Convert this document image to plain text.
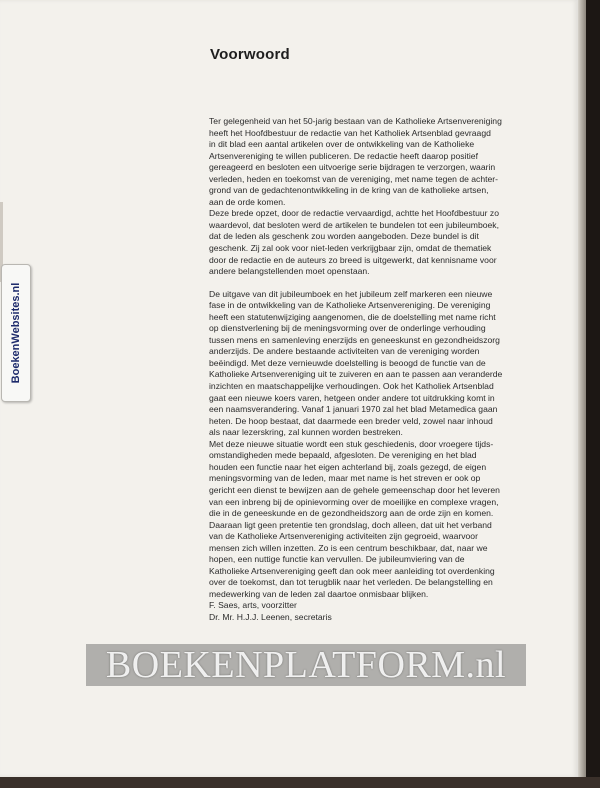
Voorwoord

Ter gelegenheid van het 50-jarig bestaan van de Katholieke Artsenvereniging
heeft het Hoofdbestuur de redactie van het Katholiek Artsenblad gevraagd
in dit blad een aantal artikelen over de ontwikkeling van de Katholieke
Artsenvereniging te willen publiceren. De redactie heeft daarop positief
gereageerd en besloten een uitvoerige serie bijdragen te verzorgen, waarin
verleden, heden en toekomst van de vereniging, met name tegen de achter-
grond van de gedachtenontwikkeling in de kring van de katholieke artsen,
aan de orde komen.
Deze brede opzet, door de redactie vervaardigd, achtte het Hoofdbestuur zo
waardevol, dat besloten werd de artikelen te bundelen tot een jubileumboek,
dat de leden als geschenk zou worden aangeboden. Deze bundel is dit
geschenk. Zij zal ook voor niet-leden verkrijgbaar zijn, omdat de thematiek
door de redactie en de auteurs zo breed is uitgewerkt, dat kennisname voor
andere belangstellenden moet openstaan.

De uitgave van dit jubileumboek en het jubileum zelf markeren een nieuwe
fase in de ontwikkeling van de Katholieke Artsenvereniging. De vereniging
heeft een statutenwijziging aangenomen, die de doelstelling met name richt
op dienstverlening bij de meningsvorming over de onderlinge verhouding
tussen mens en samenleving enerzijds en geneeskunst en gezondheidszorg
anderzijds. De andere bestaande activiteiten van de vereniging worden
beëindigd. Met deze vernieuwde doelstelling is beoogd de functie van de
Katholieke Artsenvereniging uit te zuiveren en aan te passen aan veranderde
inzichten en maatschappelijke verhoudingen. Ook het Katholiek Artsenblad
gaat een nieuwe koers varen, hetgeen onder andere tot uitdrukking komt in
een naamsverandering. Vanaf 1 januari 1970 zal het blad Metamedica gaan
heten. De hoop bestaat, dat daarmede een breder veld, zowel naar inhoud
als naar lezerskring, zal kunnen worden bestreken.
Met deze nieuwe situatie wordt een stuk geschiedenis, door vroegere tijds-
omstandigheden mede bepaald, afgesloten. De vereniging en het blad
houden een functie naar het eigen achterland bij, zoals gezegd, de eigen
meningsvorming van de leden, maar met name is het streven er ook op
gericht een dienst te bewijzen aan de gehele gemeenschap door het leveren
van een inbreng bij de opinievorming over de moeilijke en complexe vragen,
die in de geneeskunde en de gezondheidszorg aan de orde zijn en komen.
Daaraan ligt geen pretentie ten grondslag, doch alleen, dat uit het verband
van de Katholieke Artsenvereniging activiteiten zijn gegroeid, waarvoor
mensen zich willen inzetten. Zo is een centrum beschikbaar, dat, naar we
hopen, een nuttige functie kan vervullen. De jubileumviering van de
Katholieke Artsenvereniging geeft dan ook meer aanleiding tot overdenking
over de toekomst, dan tot terugblik naar het verleden. De belangstelling en
medewerking van de leden zal daartoe onmisbaar blijken.

F. Saes, arts, voorzitter
Dr. Mr. H.J.J. Leenen, secretaris

BoekenWebsites.nl
BOEKENPLATFORM.nl
